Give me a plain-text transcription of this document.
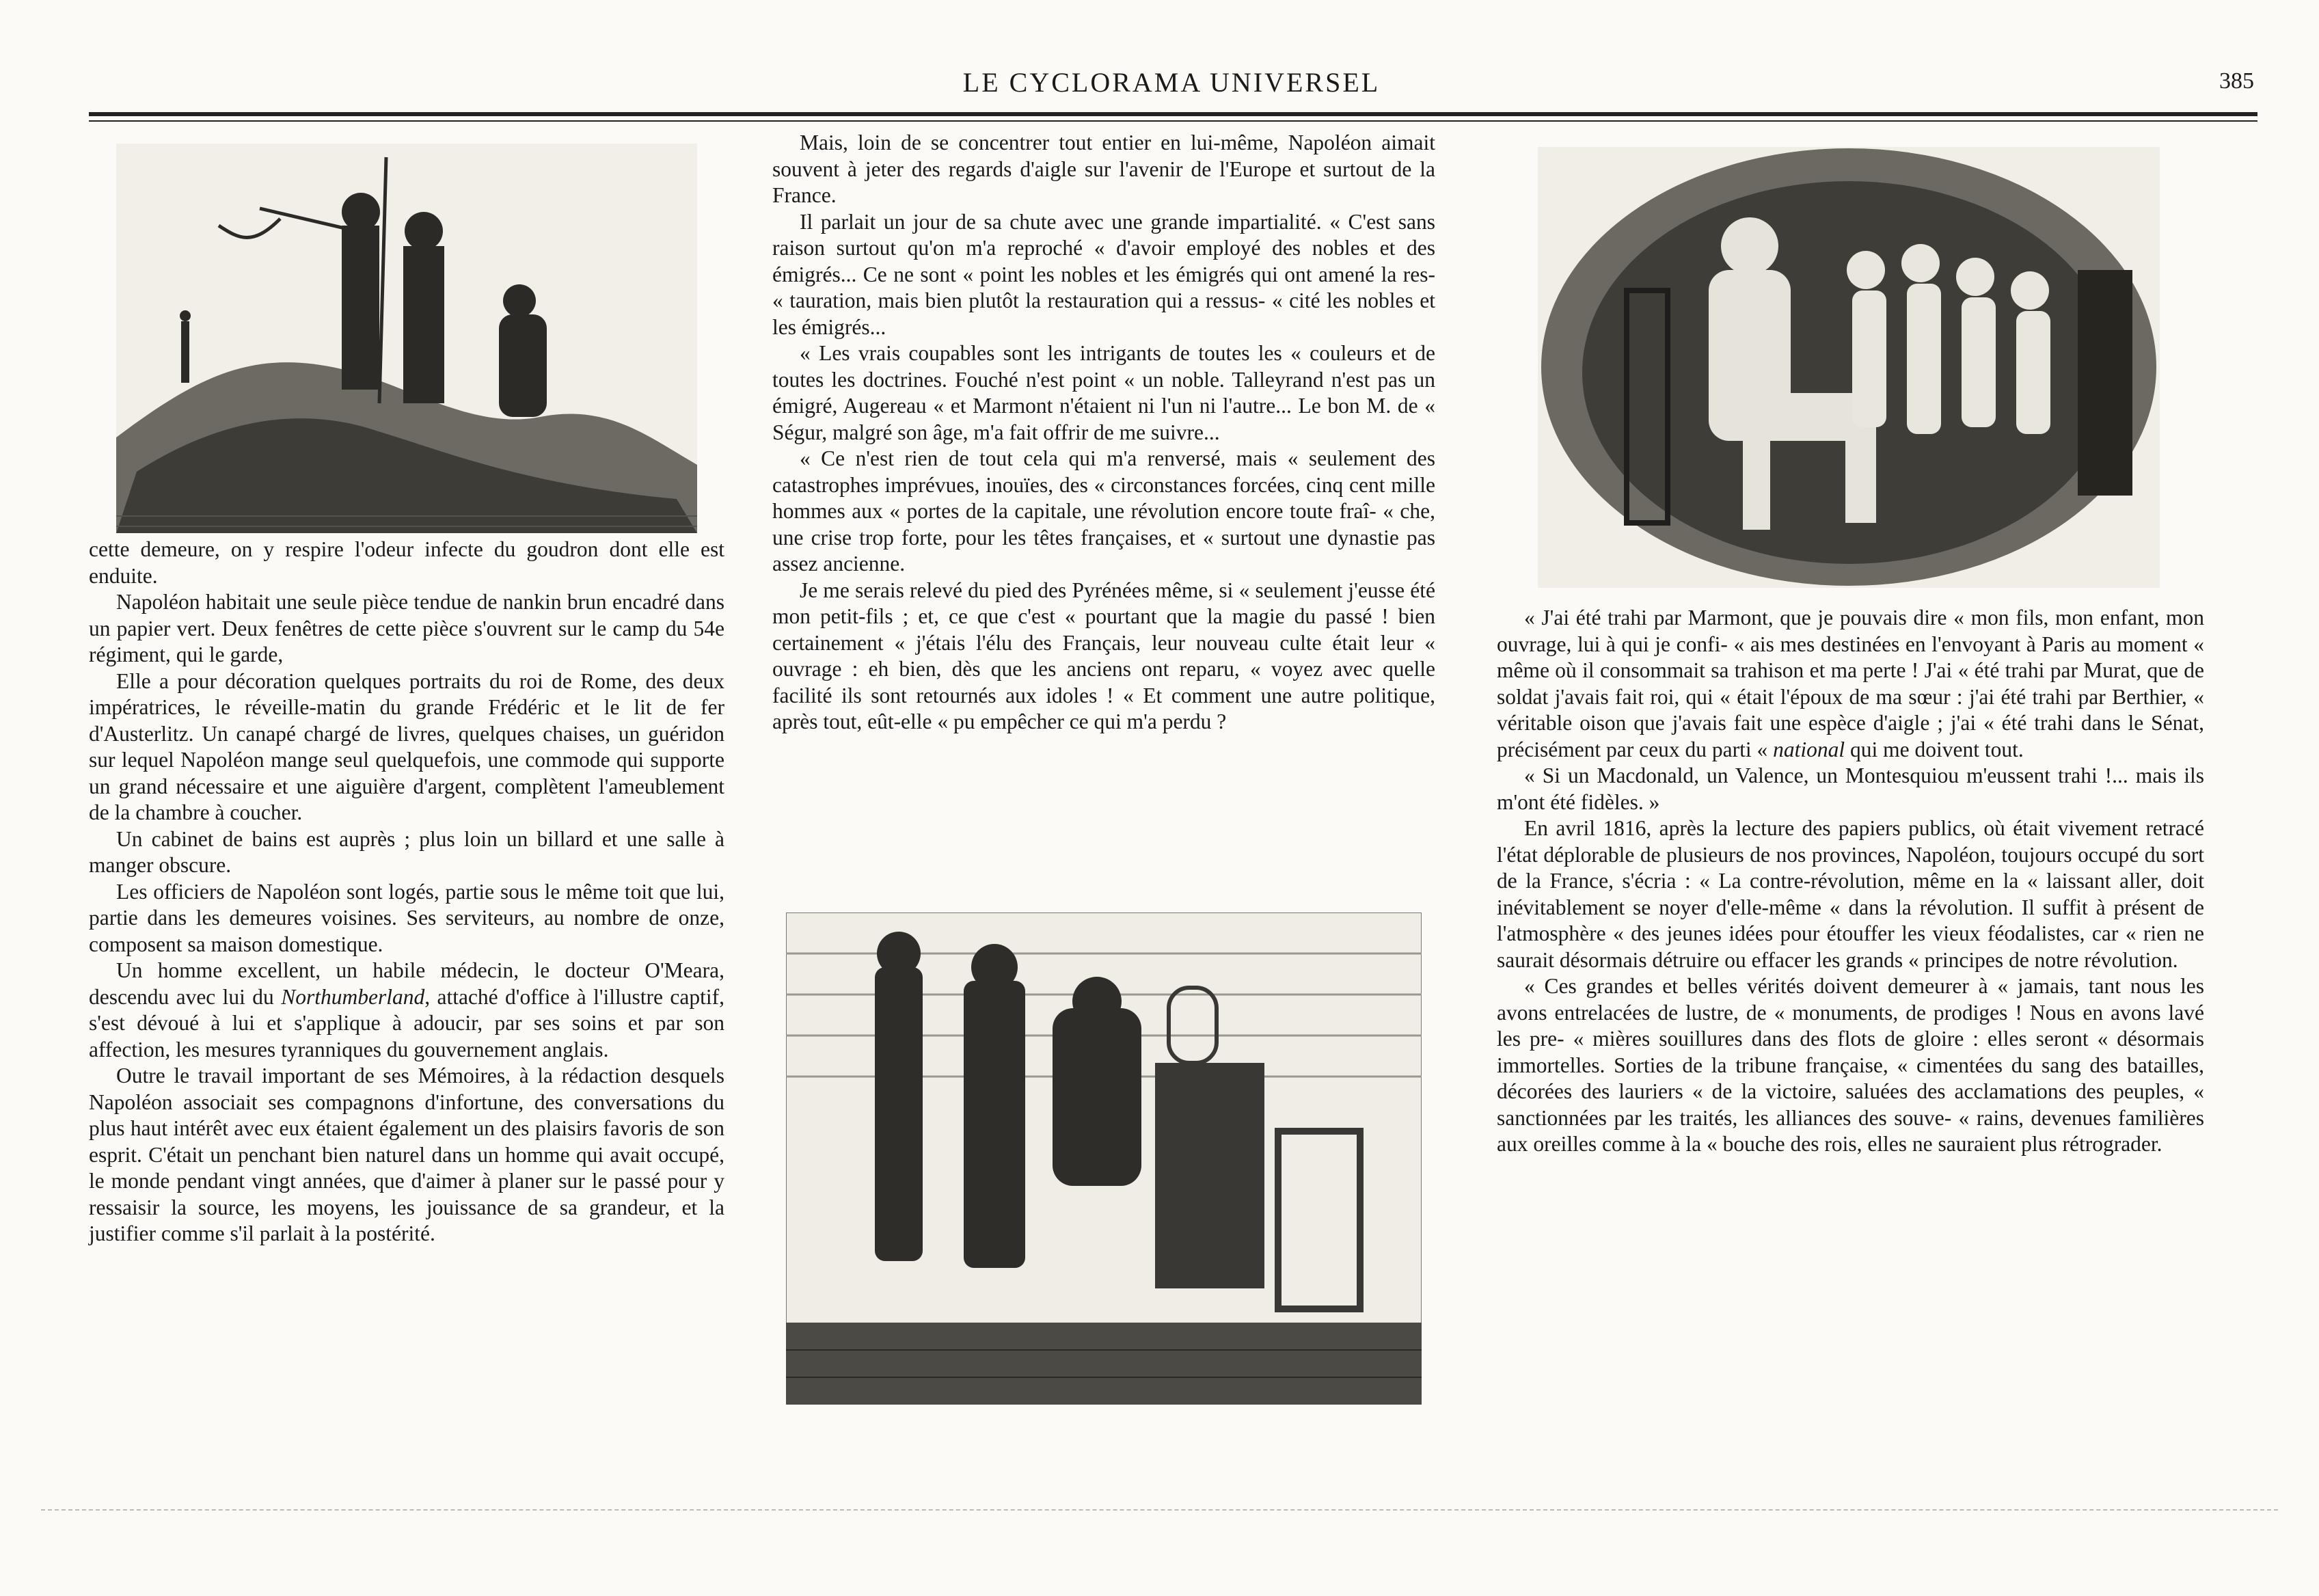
LE CYCLORAMA UNIVERSEL	385

cette demeure, on y respire l'odeur infecte du goudron dont elle est enduite.

Napoléon habitait une seule pièce tendue de nankin brun encadré dans un papier vert. Deux fenêtres de cette pièce s'ouvrent sur le camp du 54e régiment, qui le garde,

Elle a pour décoration quelques portraits du roi de Rome, des deux impératrices, le réveille-matin du grande Frédéric et le lit de fer d'Austerlitz. Un canapé chargé de livres, quelques chaises, un guéridon sur lequel Napoléon mange seul quelquefois, une commode qui supporte un grand nécessaire et une aiguière d'argent, complètent l'ameublement de la chambre à coucher.

Un cabinet de bains est auprès ; plus loin un billard et une salle à manger obscure.

Les officiers de Napoléon sont logés, partie sous le même toit que lui, partie dans les demeures voisines. Ses serviteurs, au nombre de onze, composent sa maison domestique.

Un homme excellent, un habile médecin, le docteur O'Meara, descendu avec lui du Northumberland, attaché d'office à l'illustre captif, s'est dévoué à lui et s'applique à adoucir, par ses soins et par son affection, les mesures tyranniques du gouvernement anglais.

Outre le travail important de ses Mémoires, à la rédaction desquels Napoléon associait ses compagnons d'infortune, des conversations du plus haut intérêt avec eux étaient également un des plaisirs favoris de son esprit. C'était un penchant bien naturel dans un homme qui avait occupé, le monde pendant vingt années, que d'aimer à planer sur le passé pour y ressaisir la source, les moyens, les jouissance de sa grandeur, et la justifier comme s'il parlait à la postérité.

Mais, loin de se concentrer tout entier en lui-même, Napoléon aimait souvent à jeter des regards d'aigle sur l'avenir de l'Europe et surtout de la France.

Il parlait un jour de sa chute avec une grande impartialité. « C'est sans raison surtout qu'on m'a reproché « d'avoir employé des nobles et des émigrés... Ce ne sont « point les nobles et les émigrés qui ont amené la res- « tauration, mais bien plutôt la restauration qui a ressus- « cité les nobles et les émigrés...

« Les vrais coupables sont les intrigants de toutes les « couleurs et de toutes les doctrines. Fouché n'est point « un noble. Talleyrand n'est pas un émigré, Augereau « et Marmont n'étaient ni l'un ni l'autre... Le bon M. de « Ségur, malgré son âge, m'a fait offrir de me suivre...

« Ce n'est rien de tout cela qui m'a renversé, mais « seulement des catastrophes imprévues, inouïes, des « circonstances forcées, cinq cent mille hommes aux « portes de la capitale, une révolution encore toute fraî- « che, une crise trop forte, pour les têtes françaises, et « surtout une dynastie pas assez ancienne.

Je me serais relevé du pied des Pyrénées même, si « seulement j'eusse été mon petit-fils ; et, ce que c'est « pourtant que la magie du passé ! bien certainement « j'étais l'élu des Français, leur nouveau culte était leur « ouvrage : eh bien, dès que les anciens ont reparu, « voyez avec quelle facilité ils sont retournés aux idoles ! « Et comment une autre politique, après tout, eût-elle « pu empêcher ce qui m'a perdu ?

« J'ai été trahi par Marmont, que je pouvais dire « mon fils, mon enfant, mon ouvrage, lui à qui je confi- « ais mes destinées en l'envoyant à Paris au moment « même où il consommait sa trahison et ma perte ! J'ai « été trahi par Murat, que de soldat j'avais fait roi, qui « était l'époux de ma sœur : j'ai été trahi par Berthier, « véritable oison que j'avais fait une espèce d'aigle ; j'ai « été trahi dans le Sénat, précisément par ceux du parti « national qui me doivent tout.

« Si un Macdonald, un Valence, un Montesquiou m'eussent trahi !... mais ils m'ont été fidèles. »

En avril 1816, après la lecture des papiers publics, où était vivement retracé l'état déplorable de plusieurs de nos provinces, Napoléon, toujours occupé du sort de la France, s'écria : « La contre-révolution, même en la « laissant aller, doit inévitablement se noyer d'elle-même « dans la révolution. Il suffit à présent de l'atmosphère « des jeunes idées pour étouffer les vieux féodalistes, car « rien ne saurait désormais détruire ou effacer les grands « principes de notre révolution.

« Ces grandes et belles vérités doivent demeurer à « jamais, tant nous les avons entrelacées de lustre, de « monuments, de prodiges ! Nous en avons lavé les pre- « mières souillures dans des flots de gloire : elles seront « désormais immortelles. Sorties de la tribune française, « cimentées du sang des batailles, décorées des lauriers « de la victoire, saluées des acclamations des peuples, « sanctionnées par les traités, les alliances des souve- « rains, devenues familières aux oreilles comme à la « bouche des rois, elles ne sauraient plus rétrograder.
